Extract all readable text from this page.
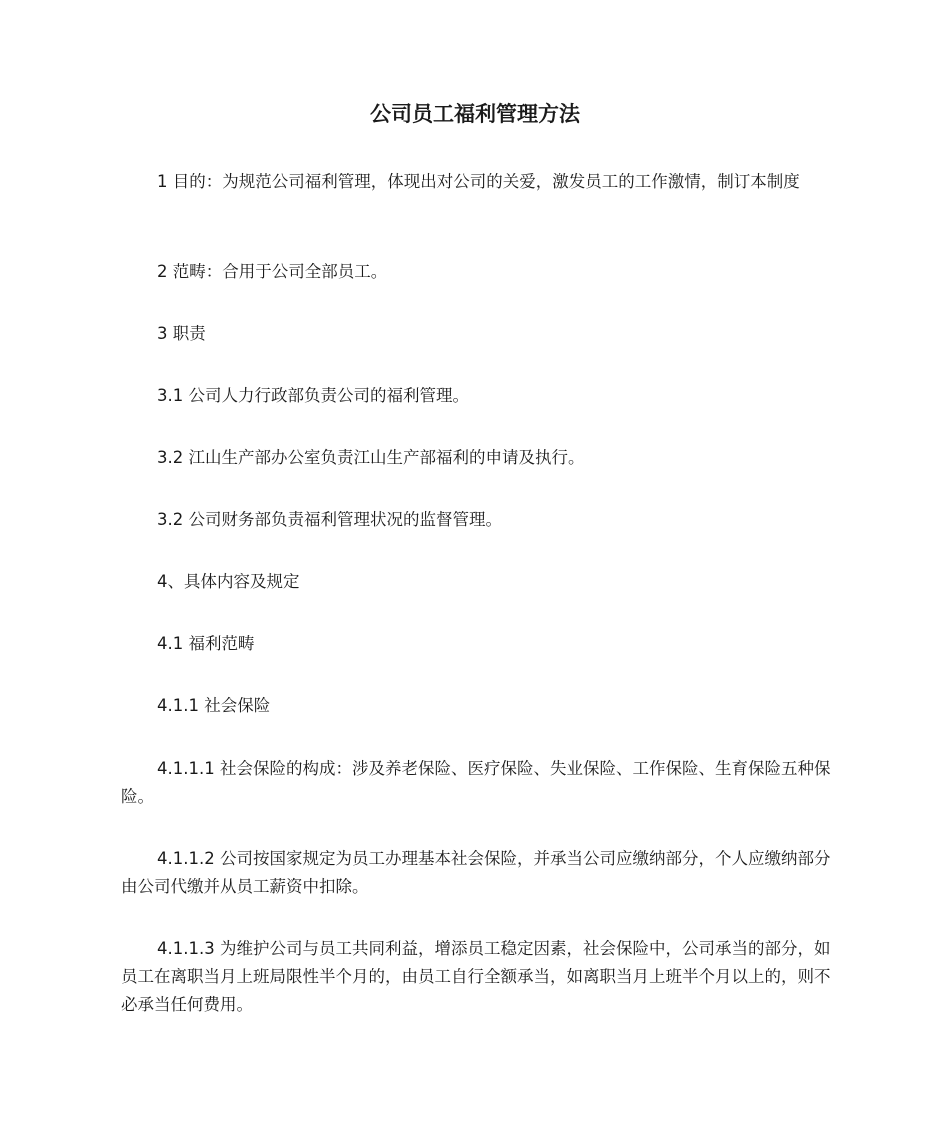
公司员工福利管理方法

1 目的：为规范公司福利管理，体现出对公司的关爱，激发员工的工作激情，制订本制度

2 范畴：合用于公司全部员工。

3 职责

3.1 公司人力行政部负责公司的福利管理。

3.2 江山生产部办公室负责江山生产部福利的申请及执行。

3.2 公司财务部负责福利管理状况的监督管理。

4、具体内容及规定

4.1 福利范畴

4.1.1 社会保险

4.1.1.1 社会保险的构成：涉及养老保险、医疗保险、失业保险、工作保险、生育保险五种保险。

4.1.1.2 公司按国家规定为员工办理基本社会保险，并承当公司应缴纳部分，个人应缴纳部分由公司代缴并从员工薪资中扣除。

4.1.1.3 为维护公司与员工共同利益，增添员工稳定因素，社会保险中，公司承当的部分，如员工在离职当月上班局限性半个月的，由员工自行全额承当，如离职当月上班半个月以上的，则不必承当任何费用。
